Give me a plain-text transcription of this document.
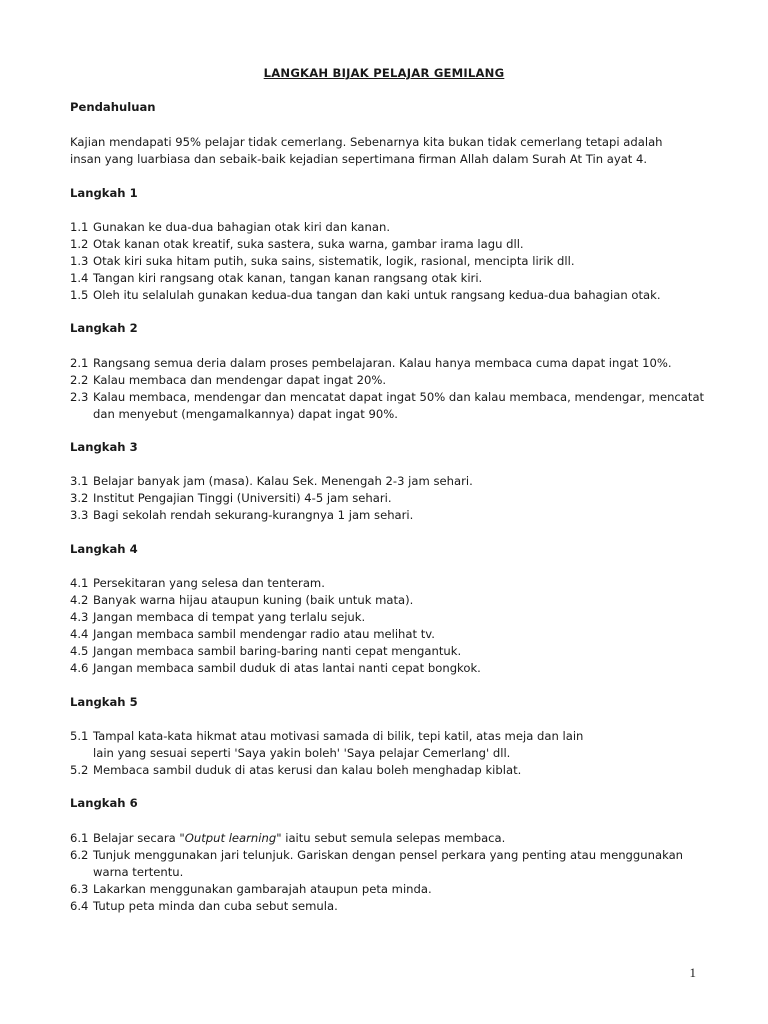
LANGKAH BIJAK PELAJAR GEMILANG
Pendahuluan
Kajian mendapati 95% pelajar tidak cemerlang. Sebenarnya kita bukan tidak cemerlang tetapi adalah
insan yang luarbiasa dan sebaik-baik kejadian sepertimana firman Allah dalam Surah At Tin ayat 4.
Langkah 1
1.1 Gunakan ke dua-dua bahagian otak kiri dan kanan.
1.2 Otak kanan otak kreatif, suka sastera, suka warna, gambar irama lagu dll.
1.3 Otak kiri suka hitam putih, suka sains, sistematik, logik, rasional, mencipta lirik dll.
1.4 Tangan kiri rangsang otak kanan, tangan kanan rangsang otak kiri.
1.5 Oleh itu selalulah gunakan kedua-dua tangan dan kaki untuk rangsang kedua-dua bahagian otak.
Langkah 2
2.1 Rangsang semua deria dalam proses pembelajaran. Kalau hanya membaca cuma dapat ingat 10%.
2.2 Kalau membaca dan mendengar dapat ingat 20%.
2.3 Kalau membaca, mendengar dan mencatat dapat ingat 50% dan kalau membaca, mendengar, mencatat
dan menyebut (mengamalkannya) dapat ingat 90%.
Langkah 3
3.1 Belajar banyak jam (masa). Kalau Sek. Menengah 2-3 jam sehari.
3.2 Institut Pengajian Tinggi (Universiti) 4-5 jam sehari.
3.3 Bagi sekolah rendah sekurang-kurangnya 1 jam sehari.
Langkah 4
4.1 Persekitaran yang selesa dan tenteram.
4.2 Banyak warna hijau ataupun kuning (baik untuk mata).
4.3 Jangan membaca di tempat yang terlalu sejuk.
4.4 Jangan membaca sambil mendengar radio atau melihat tv.
4.5 Jangan membaca sambil baring-baring nanti cepat mengantuk.
4.6 Jangan membaca sambil duduk di atas lantai nanti cepat bongkok.
Langkah 5
5.1 Tampal kata-kata hikmat atau motivasi samada di bilik, tepi katil, atas meja dan lain
lain yang sesuai seperti 'Saya yakin boleh' 'Saya pelajar Cemerlang' dll.
5.2 Membaca sambil duduk di atas kerusi dan kalau boleh menghadap kiblat.
Langkah 6
6.1 Belajar secara "Output learning" iaitu sebut semula selepas membaca.
6.2 Tunjuk menggunakan jari telunjuk. Gariskan dengan pensel perkara yang penting atau menggunakan
warna tertentu.
6.3 Lakarkan menggunakan gambarajah ataupun peta minda.
6.4 Tutup peta minda dan cuba sebut semula.
1
